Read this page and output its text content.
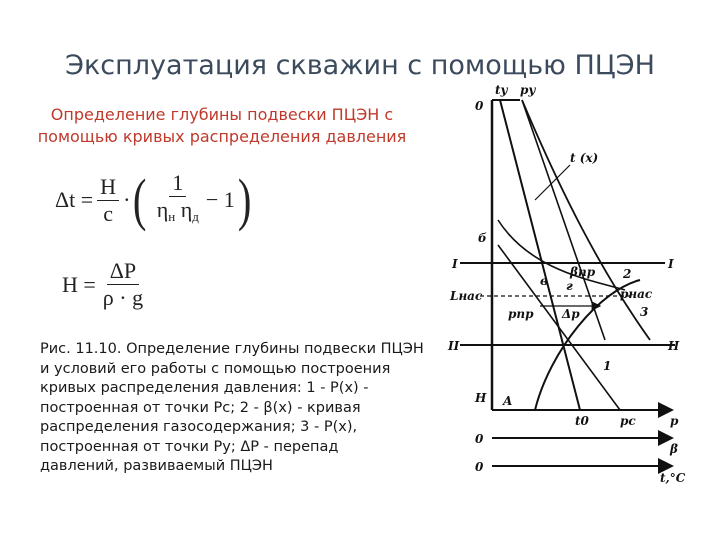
Эксплуатация скважин с помощью ПЦЭН
Определение глубины подвески ПЦЭН с
помощью кривых распределения давления
$\Delta t = \frac{H}{c}$ · ( $\frac{1}{\eta_н \eta_д} - 1$ )
$H = \frac{\Delta P}{\rho \cdot g}$

Рис. 11.10. Определение глубины подвески ПЦЭН

и условий его работы с помощью построения

кривых распределения давления: 1 - P(x) -

построенная от точки Pс; 2 - β(x) - кривая

распределения газосодержания; 3 - P(x),

построенная от точки Pу; ΔP - перепад

давлений, развиваемый ПЦЭН

0
tу pу
t (x)
б
I	I
Lнас
в г
βпр 2
pнас
3
pпр Δp
II	II
1
H A
t0	pс	p
0
β
0
t,°C
